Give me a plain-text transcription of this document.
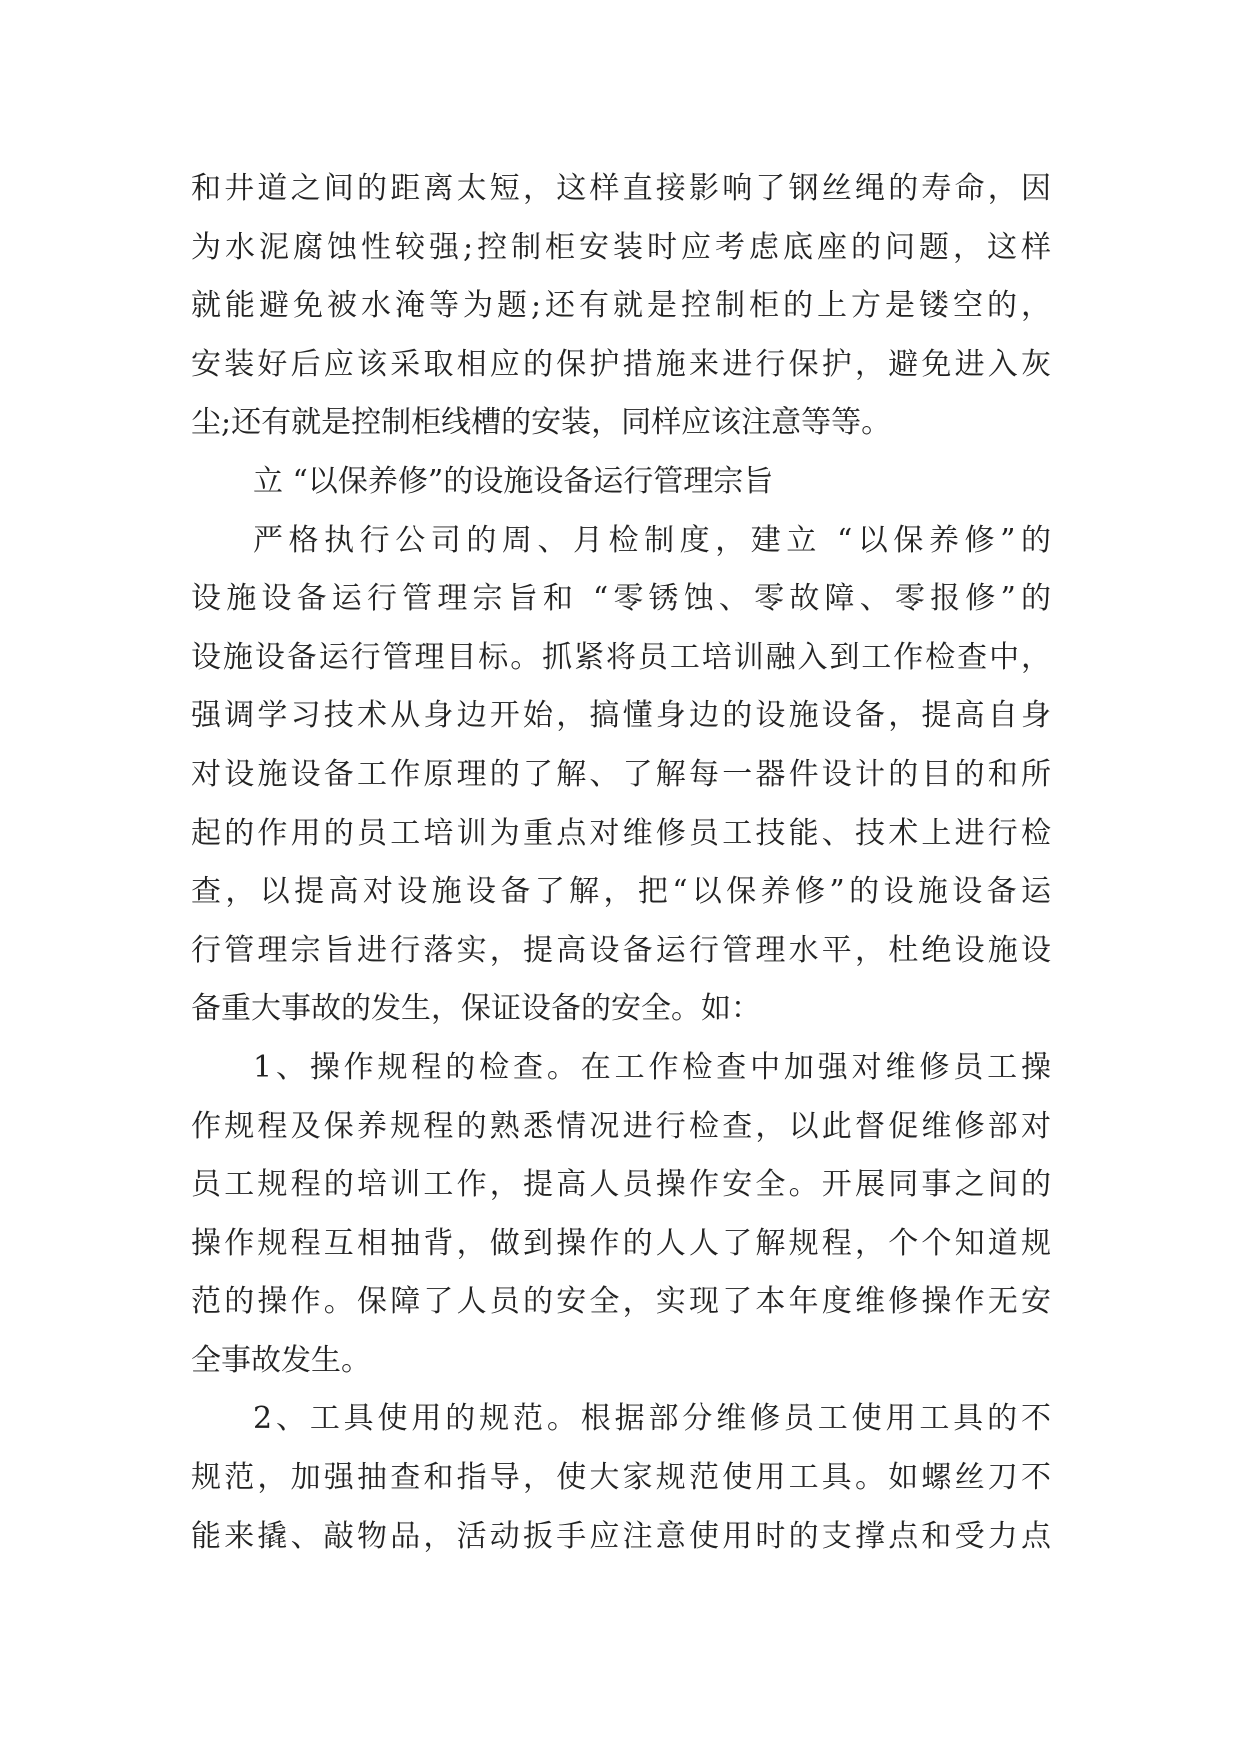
和井道之间的距离太短，这样直接影响了钢丝绳的寿命，因
为水泥腐蚀性较强;控制柜安装时应考虑底座的问题，这样
就能避免被水淹等为题;还有就是控制柜的上方是镂空的，
安装好后应该采取相应的保护措施来进行保护，避免进入灰
尘;还有就是控制柜线槽的安装，同样应该注意等等。
立 “以保养修”的设施设备运行管理宗旨
严格执行公司的周、月检制度，建立 “以保养修”的
设施设备运行管理宗旨和 “零锈蚀、零故障、零报修”的
设施设备运行管理目标。抓紧将员工培训融入到工作检查中，
强调学习技术从身边开始，搞懂身边的设施设备，提高自身
对设施设备工作原理的了解、了解每一器件设计的目的和所
起的作用的员工培训为重点对维修员工技能、技术上进行检
查，以提高对设施设备了解，把“以保养修”的设施设备运
行管理宗旨进行落实，提高设备运行管理水平，杜绝设施设
备重大事故的发生，保证设备的安全。如：
1、操作规程的检查。在工作检查中加强对维修员工操
作规程及保养规程的熟悉情况进行检查，以此督促维修部对
员工规程的培训工作，提高人员操作安全。开展同事之间的
操作规程互相抽背，做到操作的人人了解规程，个个知道规
范的操作。保障了人员的安全，实现了本年度维修操作无安
全事故发生。
2、工具使用的规范。根据部分维修员工使用工具的不
规范，加强抽查和指导，使大家规范使用工具。如螺丝刀不
能来撬、敲物品，活动扳手应注意使用时的支撑点和受力点
